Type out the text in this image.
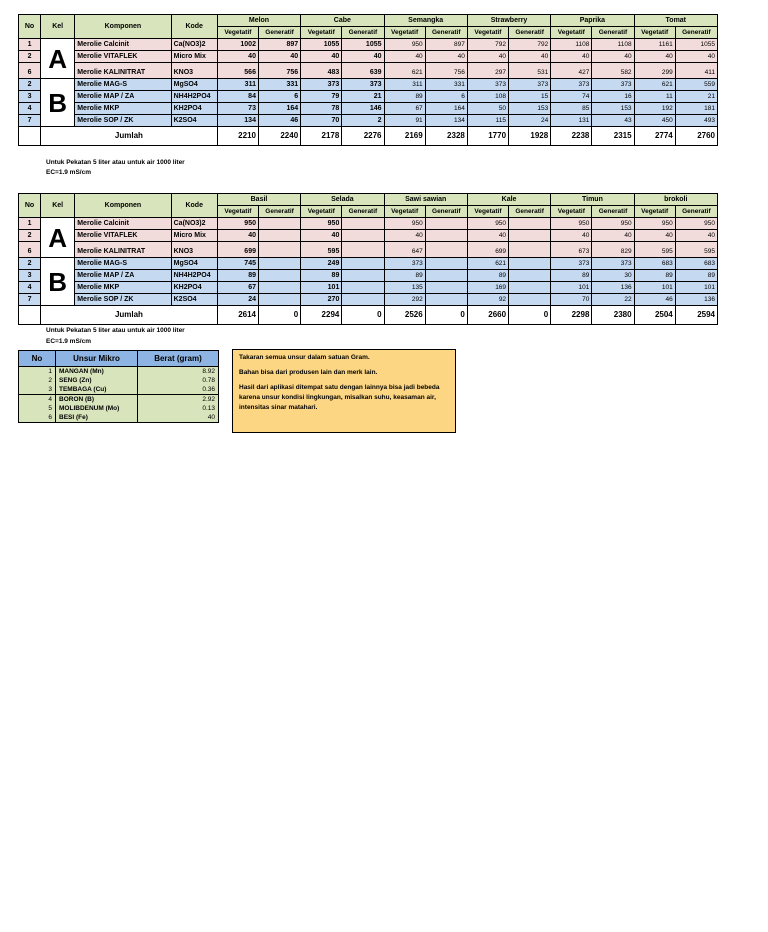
No	Kel	Komponen	Kode	Melon		Cabe		Semangka		Strawberry		Paprika		Tomat	
				Vegetatif	Generatif	Vegetatif	Generatif	Vegetatif	Generatif	Vegetatif	Generatif	Vegetatif	Generatif	Vegetatif	Generatif
1	A	Merolie Calcinit	Ca(NO3)2	1002	897	1055	1055	950	897	792	792	1108	1108	1161	1055
2		Merolie VITAFLEK	Micro Mix	40	40	40	40	40	40	40	40	40	40	40	40
6		Merolie KALINITRAT	KNO3	566	756	483	639	621	756	297	531	427	582	299	411
2	B	Merolie MAG-S	MgSO4	311	331	373	373	311	331	373	373	373	373	621	559
3		Merolie MAP / ZA	NH4H2PO4	84	6	79	21	89	6	108	15	74	16	11	21
4		Merolie MKP	KH2PO4	73	164	78	146	67	164	50	153	85	153	192	181
7		Merolie SOP / ZK	K2SO4	134	46	70	2	91	134	115	24	131	43	450	493
	Jumlah			2210	2240	2178	2276	2169	2328	1770	1928	2238	2315	2774	2760
Untuk Pekatan 5 liter atau untuk air 1000 liter
EC=1.9 mS/cm
No	Kel	Komponen	Kode	Basil		Selada		Sawi sawian		Kale		Timun		brokoli	
				Vegetatif	Generatif	Vegetatif	Generatif	Vegetatif	Generatif	Vegetatif	Generatif	Vegetatif	Generatif	Vegetatif	Generatif
1	A	Merolie Calcinit	Ca(NO3)2	950		950		950		950		950	950	950	950
2		Merolie VITAFLEK	Micro Mix	40		40		40		40		40	40	40	40
6		Merolie KALINITRAT	KNO3	699		595		647		699		673	829	595	595
2	B	Merolie MAG-S	MgSO4	745		249		373		621		373	373	683	683
3		Merolie MAP / ZA	NH4H2PO4	89		89		89		89		89	30	89	89
4		Merolie MKP	KH2PO4	67		101		135		169		101	136	101	101
7		Merolie SOP / ZK	K2SO4	24		270		292		92		70	22	46	136
	Jumlah			2614	0	2294	0	2526	0	2660	0	2298	2380	2504	2594
Untuk Pekatan 5 liter atau untuk air 1000 liter
EC=1.9 mS/cm
No	Unsur Mikro	Berat (gram)
1	MANGAN (Mn)	8.92
2	SENG (Zn)	0.78
3	TEMBAGA (Cu)	0.36
4	BORON (B)	2.92
5	MOLIBDENUM (Mo)	0.13
6	BESI (Fe)	40

Takaran semua unsur dalam satuan Gram.

Bahan bisa dari produsen lain dan merk lain.

Hasil dari aplikasi ditempat satu dengan lainnya bisa jadi bebeda karena unsur kondisi lingkungan, misalkan suhu, keasaman air, intensitas sinar matahari.
